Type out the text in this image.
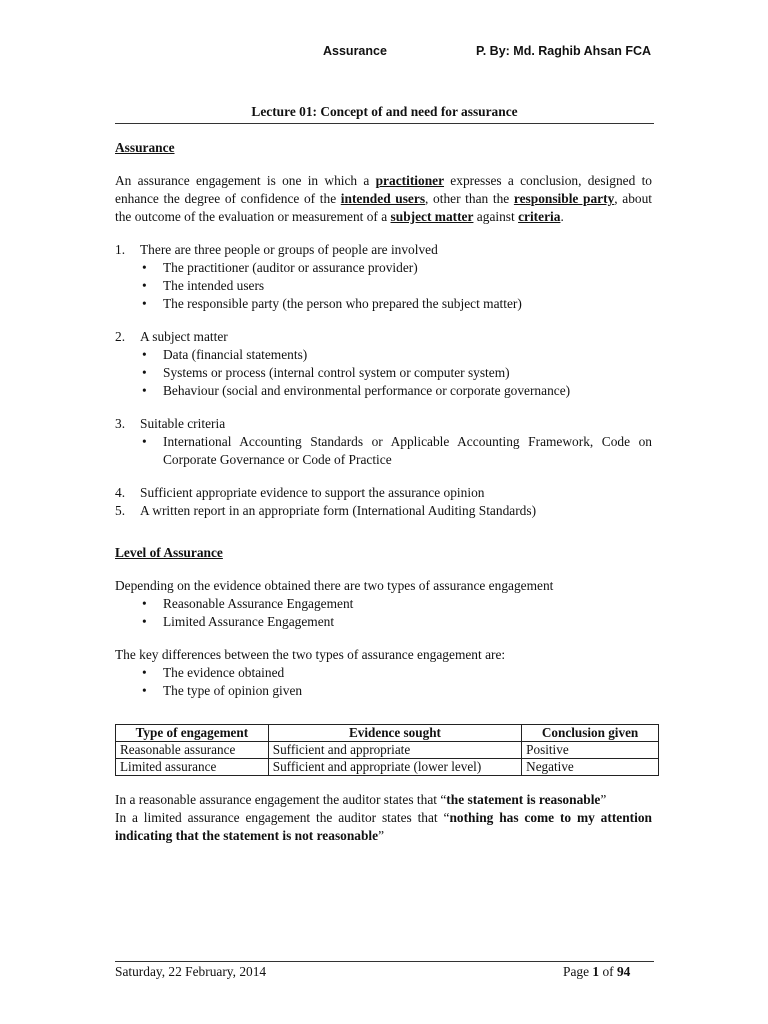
Assurance	P. By: Md. Raghib Ahsan FCA
Lecture 01: Concept of and need for assurance

Assurance

An assurance engagement is one in which a practitioner expresses a conclusion, designed to enhance the degree of confidence of the intended users, other than the responsible party, about the outcome of the evaluation or measurement of a subject matter against criteria.

1. There are three people or groups of people are involved
• The practitioner (auditor or assurance provider)
• The intended users
• The responsible party (the person who prepared the subject matter)
2. A subject matter
• Data (financial statements)
• Systems or process (internal control system or computer system)
• Behaviour (social and environmental performance or corporate governance)
3. Suitable criteria
• International Accounting Standards or Applicable Accounting Framework, Code on Corporate Governance or Code of Practice
4. Sufficient appropriate evidence to support the assurance opinion
5. A written report in an appropriate form (International Auditing Standards)

Level of Assurance

Depending on the evidence obtained there are two types of assurance engagement

• Reasonable Assurance Engagement
• Limited Assurance Engagement

The key differences between the two types of assurance engagement are:

• The evidence obtained
• The type of opinion given
Type of engagement	Evidence sought	Conclusion given
Reasonable assurance	Sufficient and appropriate	Positive
Limited assurance	Sufficient and appropriate (lower level)	Negative

In a reasonable assurance engagement the auditor states that “the statement is reasonable”

In a limited assurance engagement the auditor states that “nothing has come to my attention indicating that the statement is not reasonable”

Saturday, 22 February, 2014	Page 1 of 94
